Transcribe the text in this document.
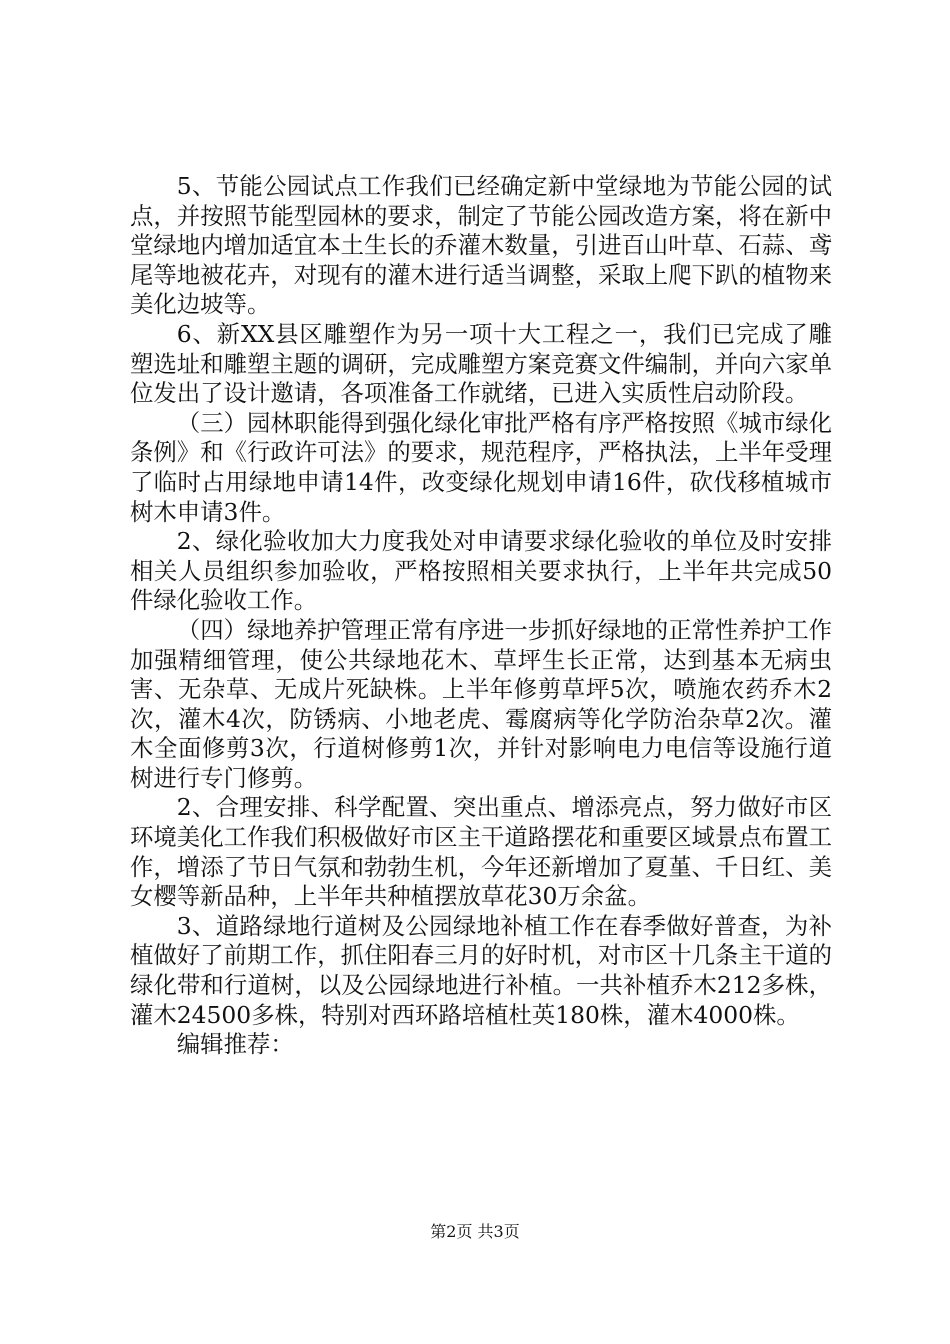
5、节能公园试点工作我们已经确定新中堂绿地为节能公园的试点，并按照节能型园林的要求，制定了节能公园改造方案，将在新中堂绿地内增加适宜本土生长的乔灌木数量，引进百山叶草、石蒜、鸢尾等地被花卉，对现有的灌木进行适当调整，采取上爬下趴的植物来美化边坡等。

6、新XX县区雕塑作为另一项十大工程之一，我们已完成了雕塑选址和雕塑主题的调研，完成雕塑方案竞赛文件编制，并向六家单位发出了设计邀请，各项准备工作就绪，已进入实质性启动阶段。

（三）园林职能得到强化绿化审批严格有序严格按照《城市绿化条例》和《行政许可法》的要求，规范程序，严格执法，上半年受理了临时占用绿地申请14件，改变绿化规划申请16件，砍伐移植城市树木申请3件。

2、绿化验收加大力度我处对申请要求绿化验收的单位及时安排相关人员组织参加验收，严格按照相关要求执行，上半年共完成50件绿化验收工作。

（四）绿地养护管理正常有序进一步抓好绿地的正常性养护工作加强精细管理，使公共绿地花木、草坪生长正常，达到基本无病虫害、无杂草、无成片死缺株。上半年修剪草坪5次，喷施农药乔木2次，灌木4次，防锈病、小地老虎、霉腐病等化学防治杂草2次。灌木全面修剪3次，行道树修剪1次，并针对影响电力电信等设施行道树进行专门修剪。

2、合理安排、科学配置、突出重点、增添亮点，努力做好市区环境美化工作我们积极做好市区主干道路摆花和重要区域景点布置工作，增添了节日气氛和勃勃生机，今年还新增加了夏堇、千日红、美女樱等新品种，上半年共种植摆放草花30万余盆。

3、道路绿地行道树及公园绿地补植工作在春季做好普查，为补植做好了前期工作，抓住阳春三月的好时机，对市区十几条主干道的绿化带和行道树，以及公园绿地进行补植。一共补植乔木212多株，灌木24500多株，特别对西环路培植杜英180株，灌木4000株。

编辑推荐：

第2页 共3页
